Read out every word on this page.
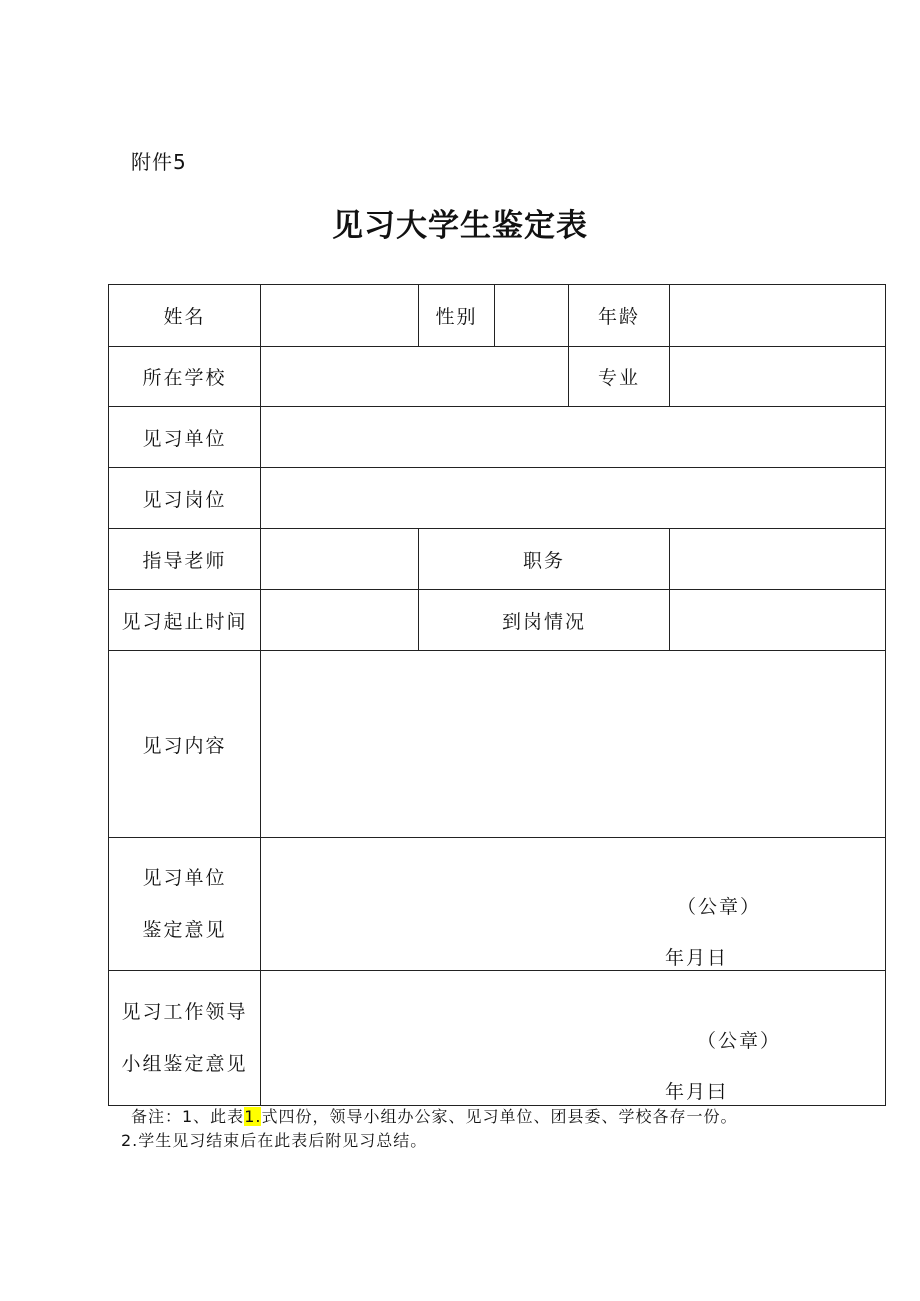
附件5
见习大学生鉴定表
姓名		性别		年龄	
所在学校				专业	
见习单位					
见习岗位					
指导老师		职务			
见习起止时间		到岗情况			
见习内容					

见习单位
鉴定意见	（公章）
年月日				

见习工作领导
小组鉴定意见	（公章）
年月曰				
备注：1、此表1.式四份，领导小组办公家、见习单位、团县委、学校各存一份。
2.学生见习结束后在此表后附见习总结。
